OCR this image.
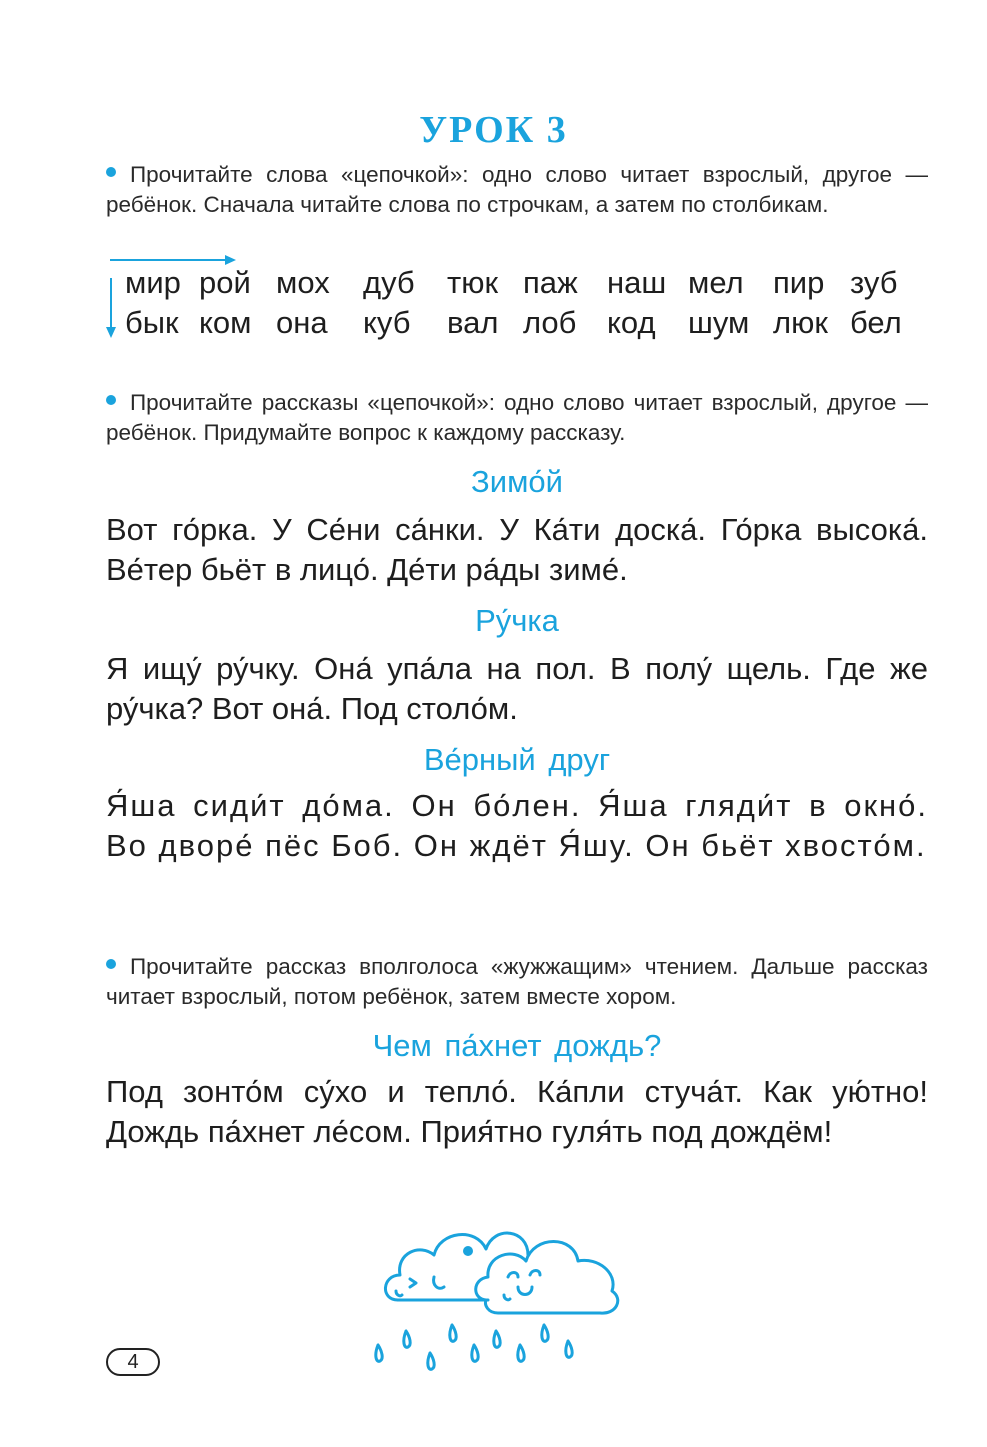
УРОК 3
Прочитайте слова «цепочкой»: одно слово читает взрослый, другое — ребёнок. Сначала читайте слова по строчкам, а затем по столбикам.
мир рой мох дуб тюк паж наш мел пир зуб
бык ком она куб вал лоб код шум люк бел
Прочитайте рассказы «цепочкой»: одно слово читает взрослый, другое — ребёнок. Придумайте вопрос к каждому рассказу.
Зимо́й
Вот го́рка. У Се́ни са́нки. У Ка́ти доска́. Го́рка высока́. Ве́тер бьёт в лицо́. Де́ти ра́ды зиме́.
Ру́чка
Я ищу́ ру́чку. Она́ упа́ла на пол. В полу́ щель. Где же ру́чка? Вот она́. Под столо́м.
Ве́рный друг
Я́ша сиди́т до́ма. Он бо́лен. Я́ша гляди́т в окно́. Во дворе́ пёс Боб. Он ждёт Я́шу. Он бьёт хвосто́м.
Прочитайте рассказ вполголоса «жужжащим» чтением. Дальше рассказ читает взрослый, потом ребёнок, затем вместе хором.
Чем па́хнет дождь?
Под зонто́м су́хо и тепло́. Ка́пли стуча́т. Как ую́тно! Дождь па́хнет ле́сом. Прия́тно гуля́ть под дождём!
4
